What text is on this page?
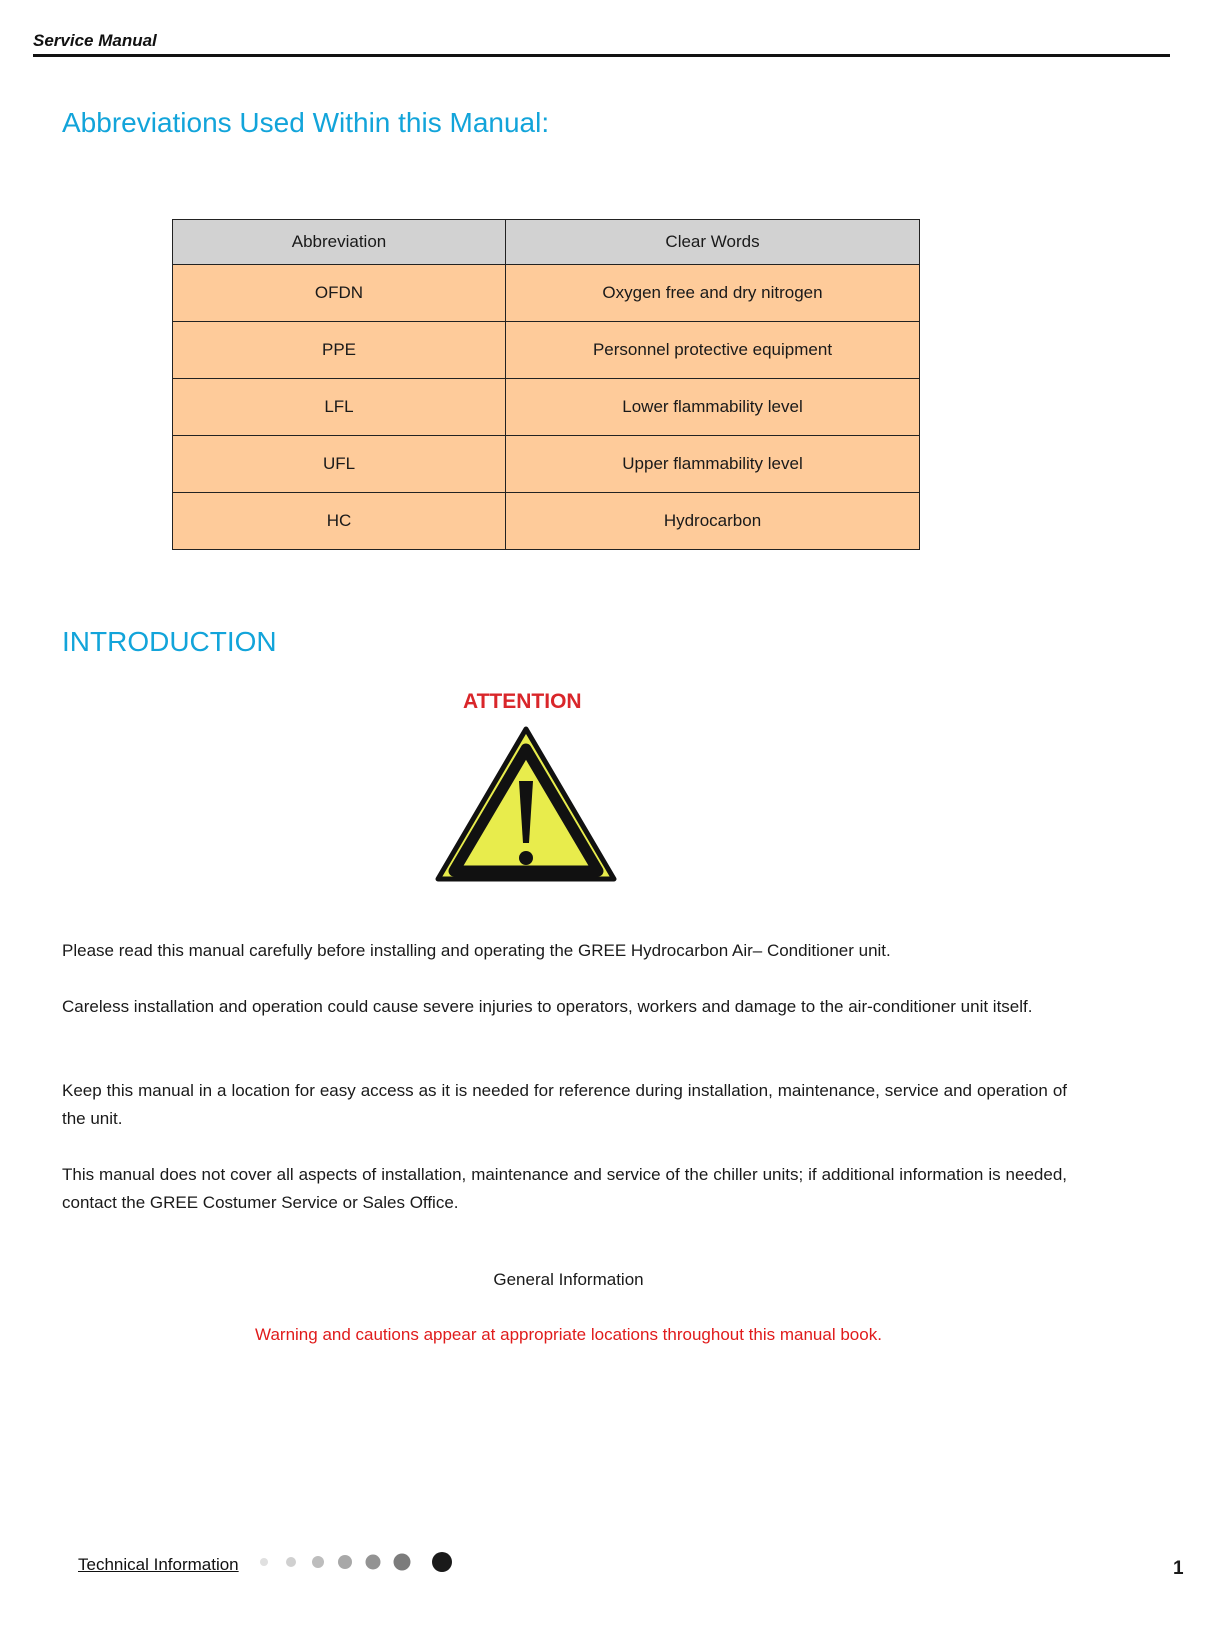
Service Manual
Abbreviations Used Within this Manual:
Abbreviation	Clear Words
OFDN	Oxygen free and dry nitrogen
PPE	Personnel protective equipment
LFL	Lower flammability level
UFL	Upper flammability level
HC	Hydrocarbon
INTRODUCTION
ATTENTION

Please read this manual carefully before installing and operating the GREE Hydrocarbon Air– Conditioner unit.

Careless installation and operation could cause severe injuries to operators, workers and damage to the air-conditioner unit itself.

Keep this manual in a location for easy access as it is needed for reference during installation, maintenance, service and operation of the unit.

This manual does not cover all aspects of installation, maintenance and service of the chiller units; if additional information is needed, contact the GREE Costumer Service or Sales Office.

General Information
Warning and cautions appear at appropriate locations throughout this manual book.
Technical Information	1
